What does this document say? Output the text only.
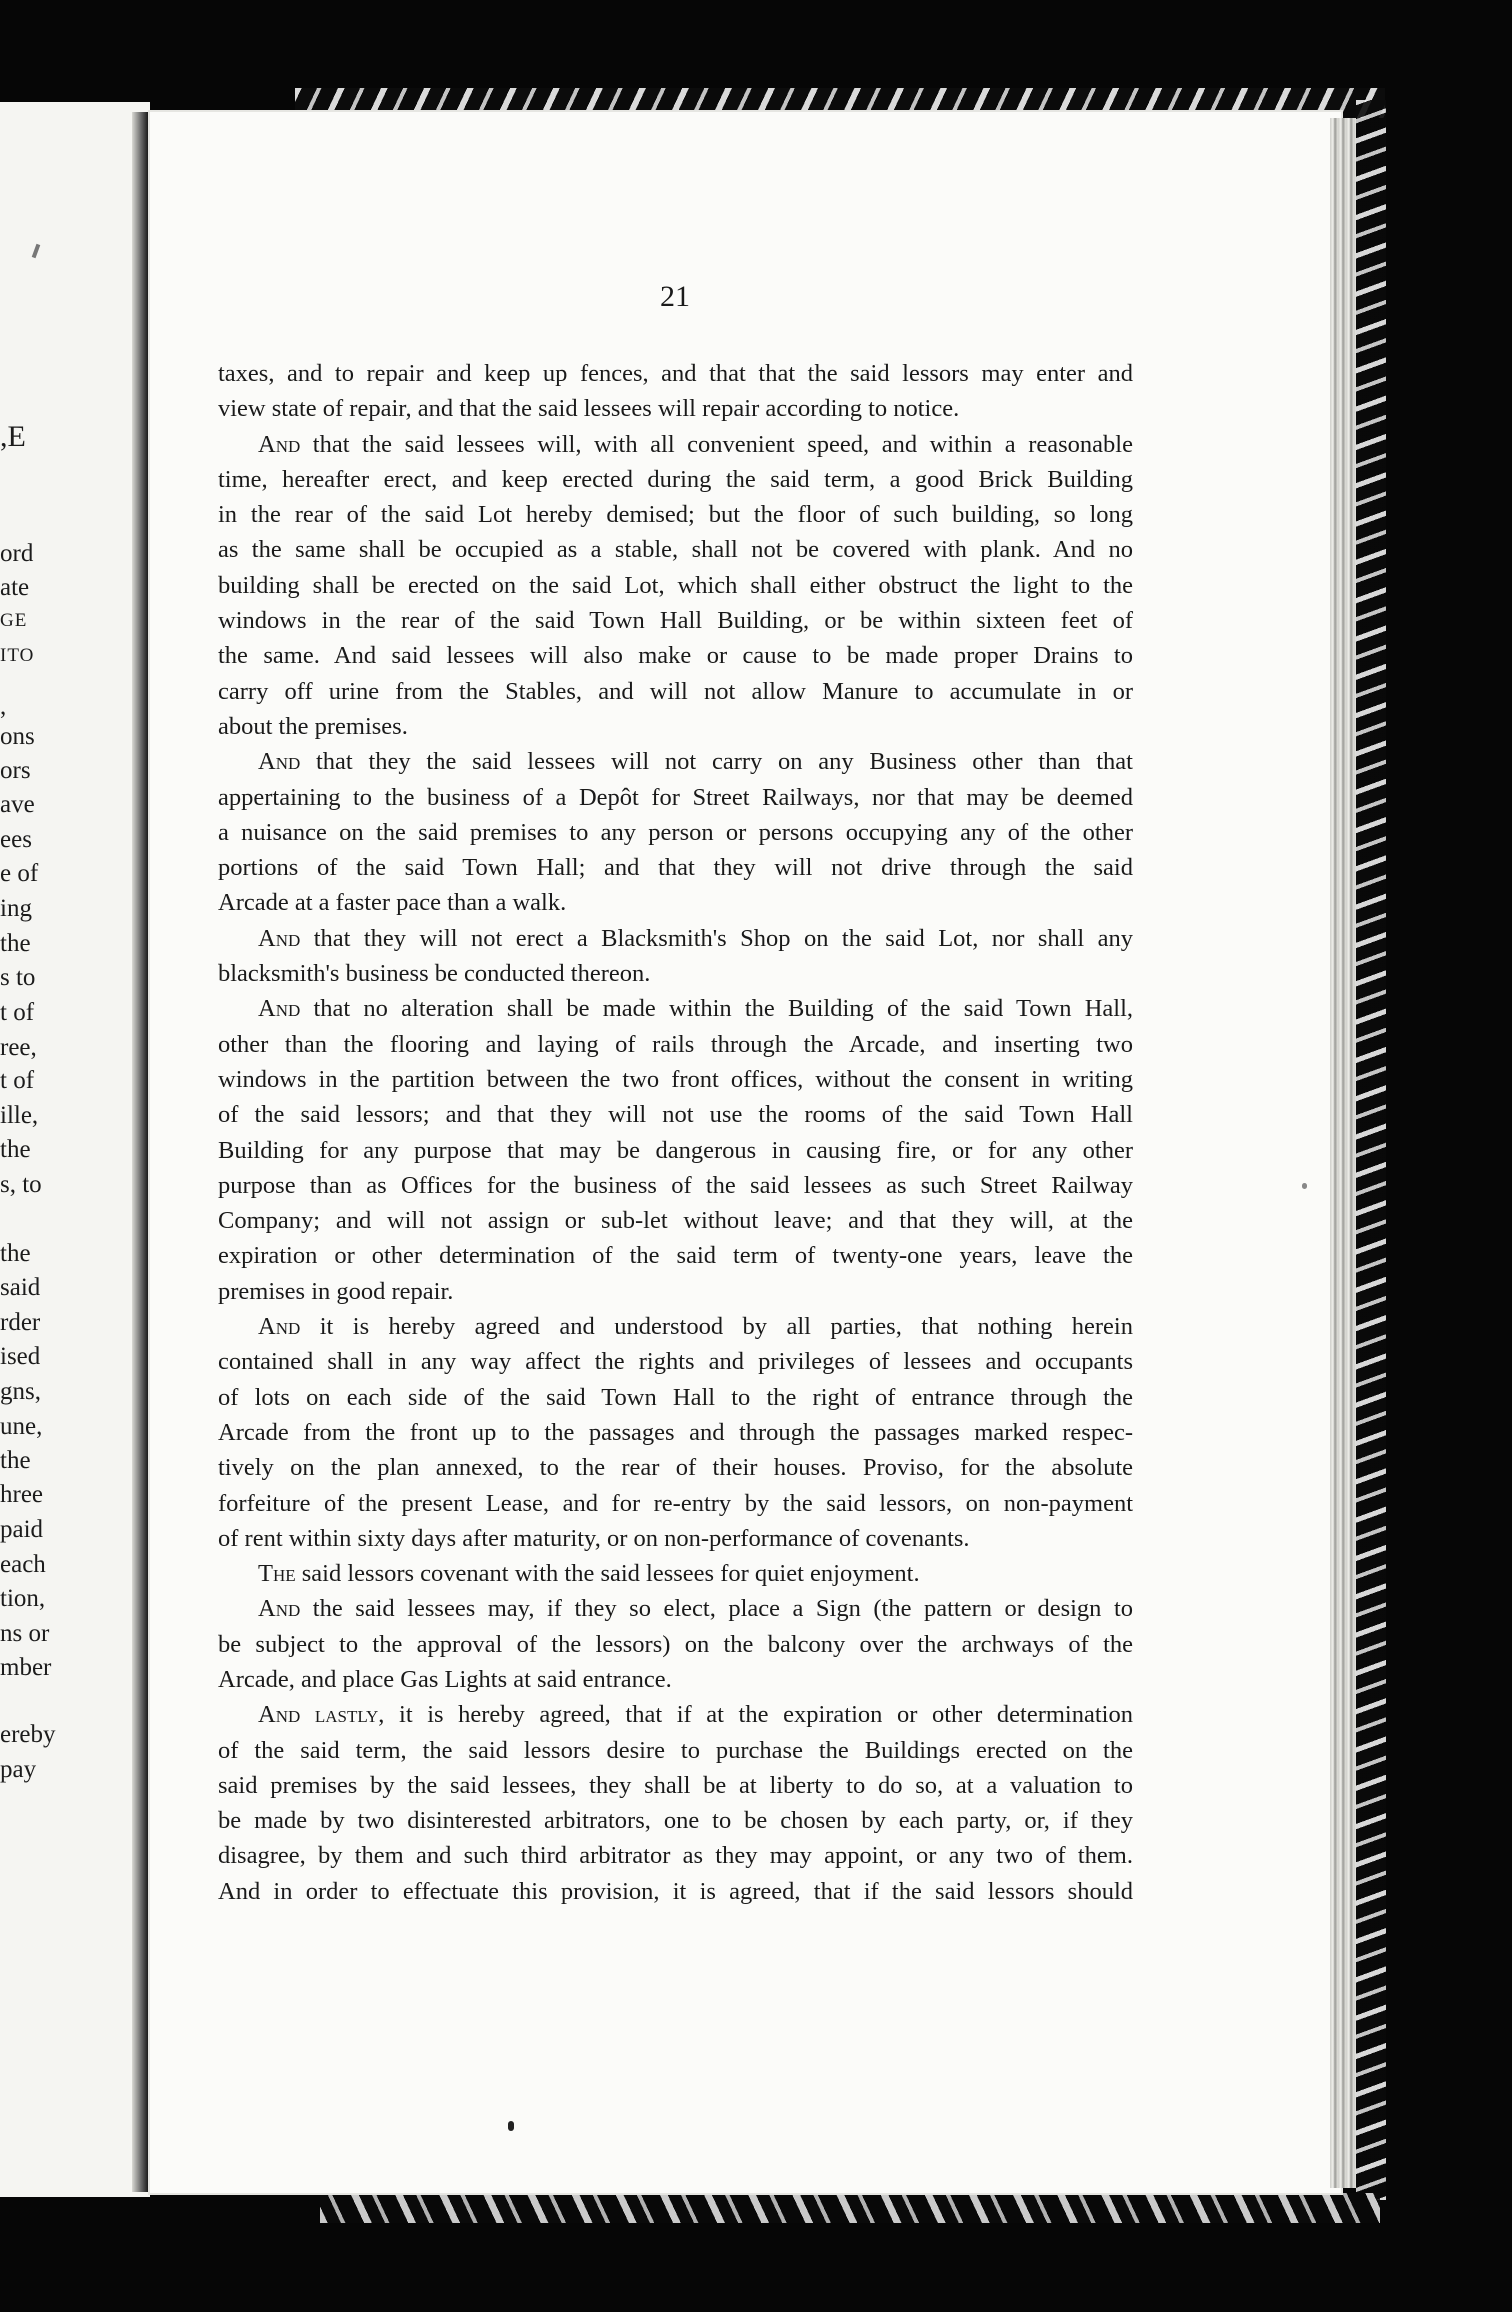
,E
ord
ate
GE
ITO
,
ons
ors
ave
ees
e of
ing
the
s to
t of
ree,
t of
ille,
the
s, to
the
said
rder
ised
gns,
une,
the
hree
paid
each
tion,
ns or
mber
ereby
pay
21
taxes, and to repair and keep up fences, and that that the said lessors may enter and
view state of repair, and that the said lessees will repair according to notice.
And that the said lessees will, with all convenient speed, and within a reasonable
time, hereafter erect, and keep erected during the said term, a good Brick Building
in the rear of the said Lot hereby demised; but the floor of such building, so long
as the same shall be occupied as a stable, shall not be covered with plank. And no
building shall be erected on the said Lot, which shall either obstruct the light to the
windows in the rear of the said Town Hall Building, or be within sixteen feet of
the same. And said lessees will also make or cause to be made proper Drains to
carry off urine from the Stables, and will not allow Manure to accumulate in or
about the premises.
And that they the said lessees will not carry on any Business other than that
appertaining to the business of a Depôt for Street Railways, nor that may be deemed
a nuisance on the said premises to any person or persons occupying any of the other
portions of the said Town Hall; and that they will not drive through the said
Arcade at a faster pace than a walk.
And that they will not erect a Blacksmith's Shop on the said Lot, nor shall any
blacksmith's business be conducted thereon.
And that no alteration shall be made within the Building of the said Town Hall,
other than the flooring and laying of rails through the Arcade, and inserting two
windows in the partition between the two front offices, without the consent in writing
of the said lessors; and that they will not use the rooms of the said Town Hall
Building for any purpose that may be dangerous in causing fire, or for any other
purpose than as Offices for the business of the said lessees as such Street Railway
Company; and will not assign or sub-let without leave; and that they will, at the
expiration or other determination of the said term of twenty-one years, leave the
premises in good repair.
And it is hereby agreed and understood by all parties, that nothing herein
contained shall in any way affect the rights and privileges of lessees and occupants
of lots on each side of the said Town Hall to the right of entrance through the
Arcade from the front up to the passages and through the passages marked respec-
tively on the plan annexed, to the rear of their houses. Proviso, for the absolute
forfeiture of the present Lease, and for re-entry by the said lessors, on non-payment
of rent within sixty days after maturity, or on non-performance of covenants.
The said lessors covenant with the said lessees for quiet enjoyment.
And the said lessees may, if they so elect, place a Sign (the pattern or design to
be subject to the approval of the lessors) on the balcony over the archways of the
Arcade, and place Gas Lights at said entrance.
And lastly, it is hereby agreed, that if at the expiration or other determination
of the said term, the said lessors desire to purchase the Buildings erected on the
said premises by the said lessees, they shall be at liberty to do so, at a valuation to
be made by two disinterested arbitrators, one to be chosen by each party, or, if they
disagree, by them and such third arbitrator as they may appoint, or any two of them.
And in order to effectuate this provision, it is agreed, that if the said lessors should
